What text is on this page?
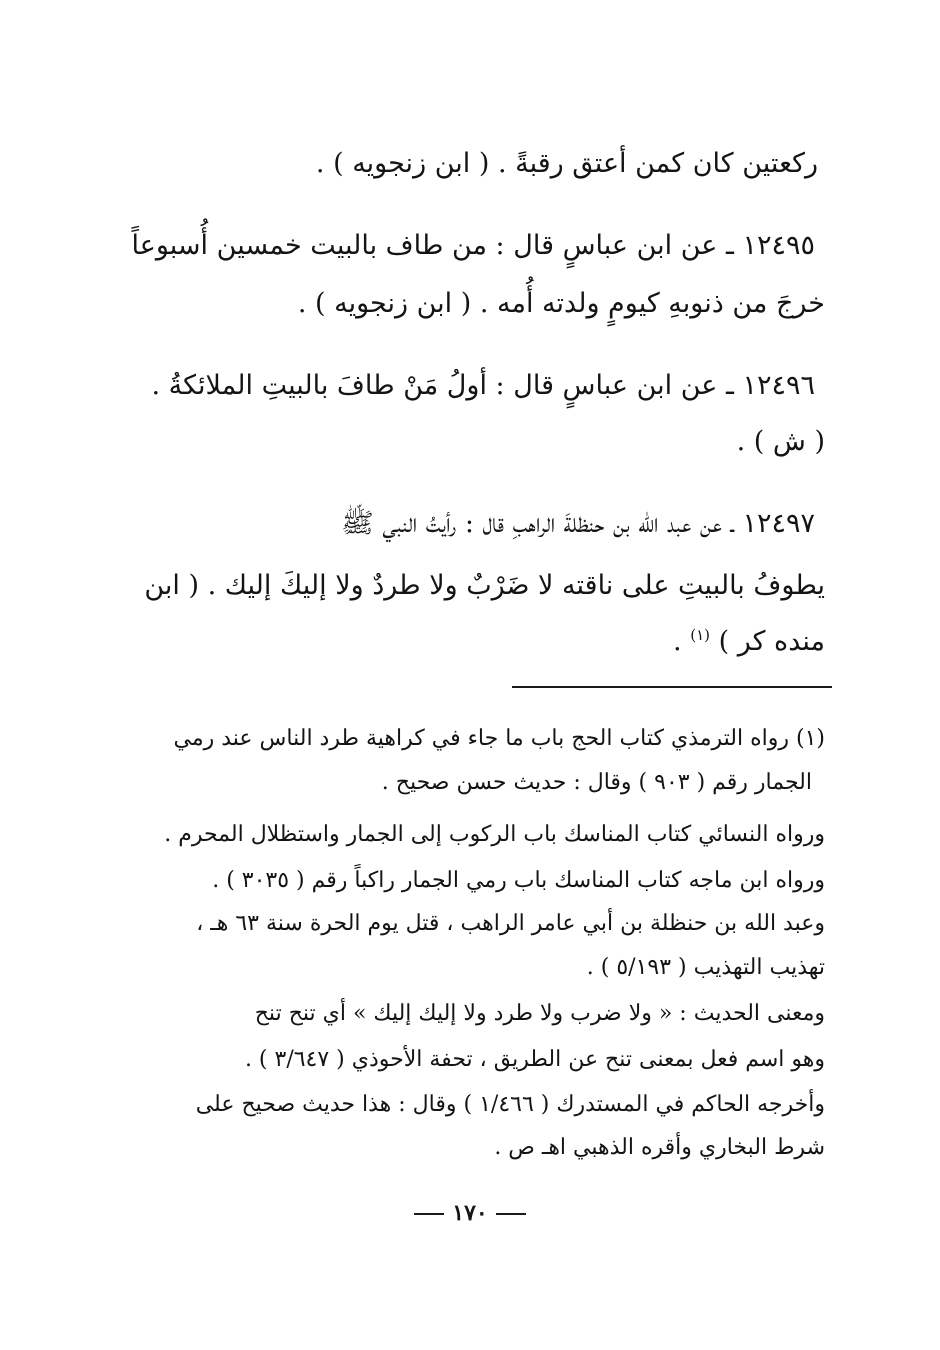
ركعتين كان كمن أعتق رقبةً . ( ابن زنجويه ) .
١٢٤٩٥ ـ عن ابن عباسٍ قال : من طاف بالبيت خمسين أُسبوعاً
خرجَ من ذنوبهِ كيومٍ ولدته أُمه . ( ابن زنجويه ) .
١٢٤٩٦ ـ عن ابن عباسٍ قال : أولُ مَنْ طافَ بالبيتِ الملائكةُ .
( ش ) .
١٢٤٩٧ ـ عن عبد الله بن حنظلةَ الراهبِ قال : رأيتُ النبي ﷺ
يطوفُ بالبيتِ على ناقته لا ضَرْبٌ ولا طردٌ ولا إليكَ إليك . ( ابن
منده كر ) $^{(١)}$ .
(١) رواه الترمذي كتاب الحج باب ما جاء في كراهية طرد الناس عند رمي
الجمار رقم ( ٩٠٣ ) وقال : حديث حسن صحيح .
ورواه النسائي كتاب المناسك باب الركوب إلى الجمار واستظلال المحرم .
ورواه ابن ماجه كتاب المناسك باب رمي الجمار راكباً رقم ( ٣٠٣٥ ) .
وعبد الله بن حنظلة بن أبي عامر الراهب ، قتل يوم الحرة سنة ٦٣ هـ ،
تهذيب التهذيب ( ٥/١٩٣ ) .
ومعنى الحديث : « ولا ضرب ولا طرد ولا إليك إليك » أي تنح تنح
وهو اسم فعل بمعنى تنح عن الطريق ، تحفة الأحوذي ( ٣/٦٤٧ ) .
وأخرجه الحاكم في المستدرك ( ١/٤٦٦ ) وقال : هذا حديث صحيح على
شرط البخاري وأقره الذهبي اهـ ص .
١٧٠
